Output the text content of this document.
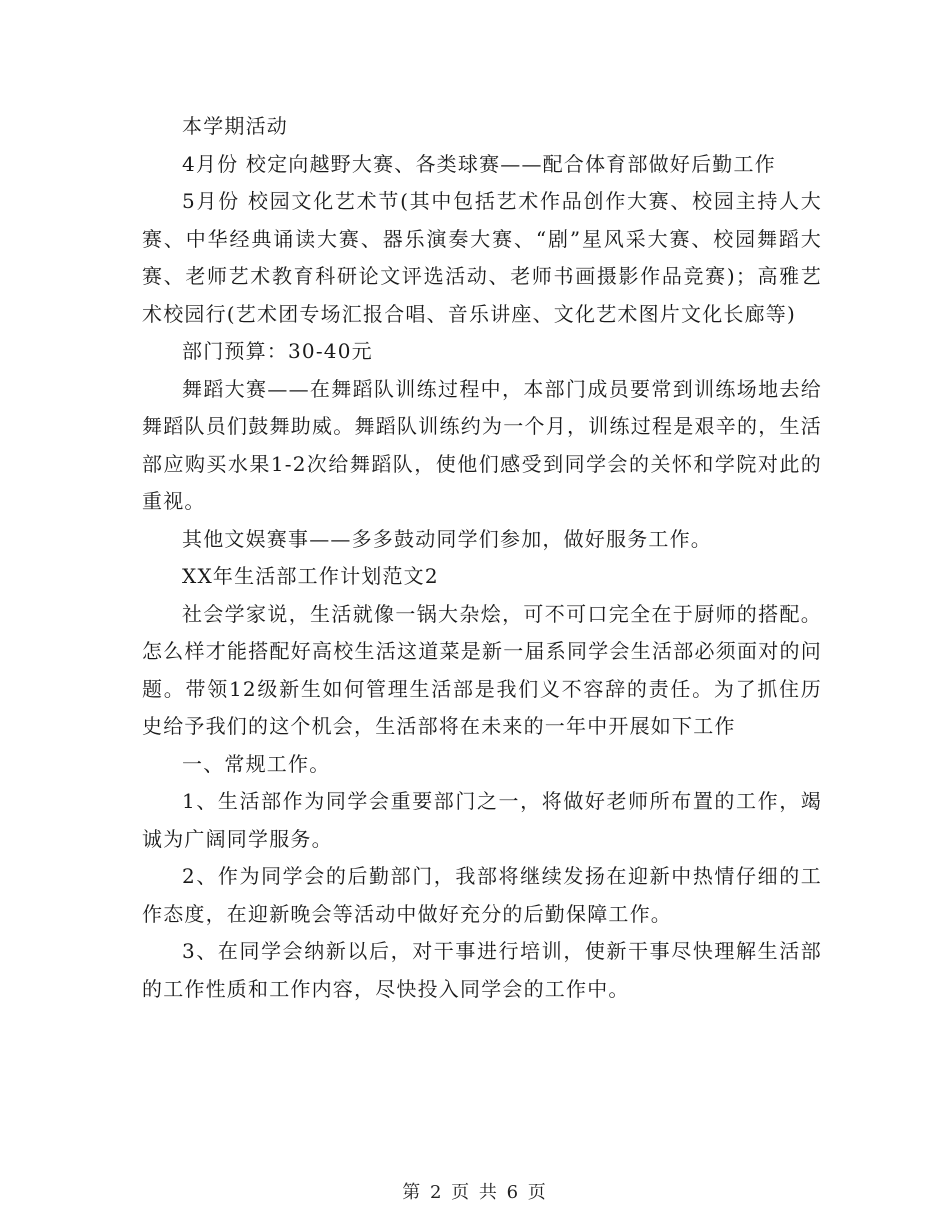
本学期活动

4月份 校定向越野大赛、各类球赛——配合体育部做好后勤工作

5月份 校园文化艺术节(其中包括艺术作品创作大赛、校园主持人大赛、中华经典诵读大赛、器乐演奏大赛、“剧”星风采大赛、校园舞蹈大赛、老师艺术教育科研论文评选活动、老师书画摄影作品竞赛)；高雅艺术校园行(艺术团专场汇报合唱、音乐讲座、文化艺术图片文化长廊等)

部门预算：30-40元

舞蹈大赛——在舞蹈队训练过程中，本部门成员要常到训练场地去给舞蹈队员们鼓舞助威。舞蹈队训练约为一个月，训练过程是艰辛的，生活部应购买水果1-2次给舞蹈队，使他们感受到同学会的关怀和学院对此的重视。

其他文娱赛事——多多鼓动同学们参加，做好服务工作。

XX年生活部工作计划范文2

社会学家说，生活就像一锅大杂烩，可不可口完全在于厨师的搭配。怎么样才能搭配好高校生活这道菜是新一届系同学会生活部必须面对的问题。带领12级新生如何管理生活部是我们义不容辞的责任。为了抓住历史给予我们的这个机会，生活部将在未来的一年中开展如下工作

一、常规工作。

1、生活部作为同学会重要部门之一，将做好老师所布置的工作，竭诚为广阔同学服务。

2、作为同学会的后勤部门，我部将继续发扬在迎新中热情仔细的工作态度，在迎新晚会等活动中做好充分的后勤保障工作。

3、在同学会纳新以后，对干事进行培训，使新干事尽快理解生活部的工作性质和工作内容，尽快投入同学会的工作中。

第 2 页 共 6 页
